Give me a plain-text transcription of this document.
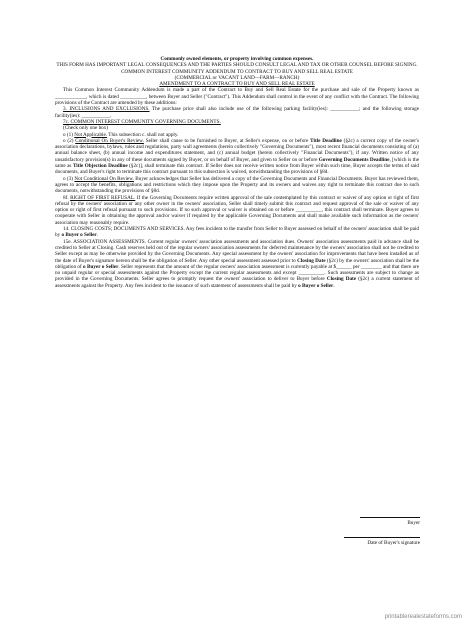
Commonly owned elements, or property involving common expenses.
THIS FORM HAS IMPORTANT LEGAL CONSEQUENCES AND THE PARTIES SHOULD CONSULT LEGAL AND TAX OR OTHER COUNSEL BEFORE SIGNING.
COMMON INTEREST COMMUNITY ADDENDUM TO CONTRACT TO BUY AND SELL REAL ESTATE
(COMMERCIAL or VACANT LAND—FARM—RANCH)
AMENDMENT TO A CONTRACT TO BUY AND SELL REAL ESTATE

This Common Interest Community Addendum is made a part of the Contract to Buy and Sell Real Estate for the purchase and sale of the Property known as ____________, which is dated __________, between Buyer and Seller ("Contract"). This Addendum shall control in the event of any conflict with the Contract. The following provisions of the Contract are amended by these additions:

3. INCLUSIONS AND EXCLUSIONS. The purchase price shall also include use of the following parking facility(ies): ___________; and the following storage facility(ies): ___________.

7c. COMMON INTEREST COMMUNITY GOVERNING DOCUMENTS.

(Check only one box)

o (1) Not Applicable. This subsection c. shall not apply.

o (2) Conditional On Buyer's Review. Seller shall cause to be furnished to Buyer, at Seller's expense, on or before Title Deadline (§2c) a current copy of the owner's association declarations, bylaws, rules and regulations, party wall agreements (herein collectively "Governing Documents"), most recent financial documents consisting of (a) annual balance sheet, (b) annual income and expenditures statement, and (c) annual budget (herein collectively "Financial Documents"), if any. Written notice of any unsatisfactory provision(s) in any of these documents signed by Buyer, or on behalf of Buyer, and given to Seller on or before Governing Documents Deadline, [which is the same as Title Objection Deadline (§2c)], shall terminate this contract. If Seller does not receive written notice from Buyer within such time, Buyer accepts the terms of said documents, and Buyer's right to terminate this contract pursuant to this subsection is waived, notwithstanding the provisions of §8d.

o (3) Not Conditional On Review. Buyer acknowledges that Seller has delivered a copy of the Governing Documents and Financial Documents. Buyer has reviewed them, agrees to accept the benefits, obligations and restrictions which they impose upon the Property and its owners and waives any right to terminate this contract due to such documents, notwithstanding the provisions of §8d.

8f. RIGHT OF FIRST REFUSAL. If the Governing Documents require written approval of the sale contemplated by this contract or waiver of any option or right of first refusal by the owners' association or any other owner in the owners' association, Seller shall timely submit this contract and request approval of the sale or waiver of any option or right of first refusal pursuant to such provisions. If no such approval or waiver is obtained on or before __________, this contract shall terminate. Buyer agrees to cooperate with Seller in obtaining the approval and/or waiver if required by the applicable Governing Documents and shall make available such information as the owners' association may reasonably require.

14. CLOSING COSTS; DOCUMENTS AND SERVICES. Any fees incident to the transfer from Seller to Buyer assessed on behalf of the owners' association shall be paid by o Buyer o Seller.

15e. ASSOCIATION ASSESSMENTS. Current regular owners' association assessments and association dues. Owners' association assessments paid in advance shall be credited to Seller at Closing. Cash reserves held out of the regular owners' association assessments for deferred maintenance by the owners' association shall not be credited to Seller except as may be otherwise provided by the Governing Documents. Any special assessment by the owners' association for improvements that have been installed as of the date of Buyer's signature hereon shall be the obligation of Seller. Any other special assessment assessed prior to Closing Date (§2c) by the owners' association shall be the obligation of o Buyer o Seller. Seller represents that the amount of the regular owners' association assessment is currently payable at $______ per ________ and that there are no unpaid regular or special assessments against the Property except the current regular assessments and except __________. Such assessments are subject to change as provided in the Governing Documents. Seller agrees to promptly request the owners' association to deliver to Buyer before Closing Date (§2c) a current statement of assessments against the Property. Any fees incident to the issuance of such statement of assessments shall be paid by o Buyer o Seller.

Buyer
Date of Buyer's signature
printablerealestateforms.com
